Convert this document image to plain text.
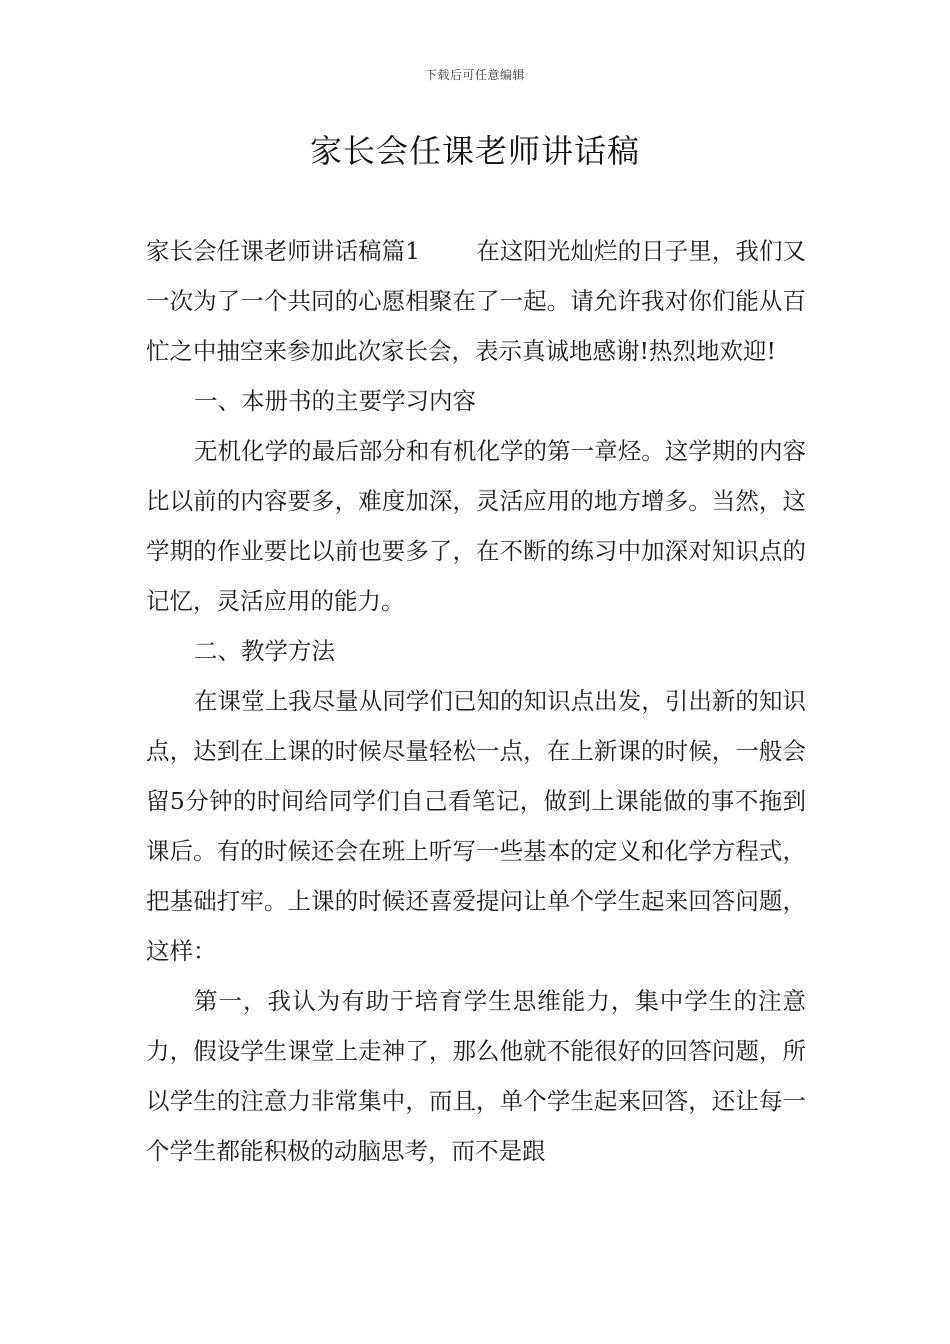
下载后可任意编辑
家长会任课老师讲话稿

家长会任课老师讲话稿篇1 在这阳光灿烂的日子里，我们又一次为了一个共同的心愿相聚在了一起。请允许我对你们能从百忙之中抽空来参加此次家长会，表示真诚地感谢!热烈地欢迎!

一、本册书的主要学习内容

无机化学的最后部分和有机化学的第一章烃。这学期的内容比以前的内容要多，难度加深，灵活应用的地方增多。当然，这学期的作业要比以前也要多了，在不断的练习中加深对知识点的记忆，灵活应用的能力。

二、教学方法

在课堂上我尽量从同学们已知的知识点出发，引出新的知识点，达到在上课的时候尽量轻松一点，在上新课的时候，一般会留5分钟的时间给同学们自己看笔记，做到上课能做的事不拖到课后。有的时候还会在班上听写一些基本的定义和化学方程式，把基础打牢。上课的时候还喜爱提问让单个学生起来回答问题，这样：

第一，我认为有助于培育学生思维能力，集中学生的注意力，假设学生课堂上走神了，那么他就不能很好的回答问题，所以学生的注意力非常集中，而且，单个学生起来回答，还让每一个学生都能积极的动脑思考，而不是跟
